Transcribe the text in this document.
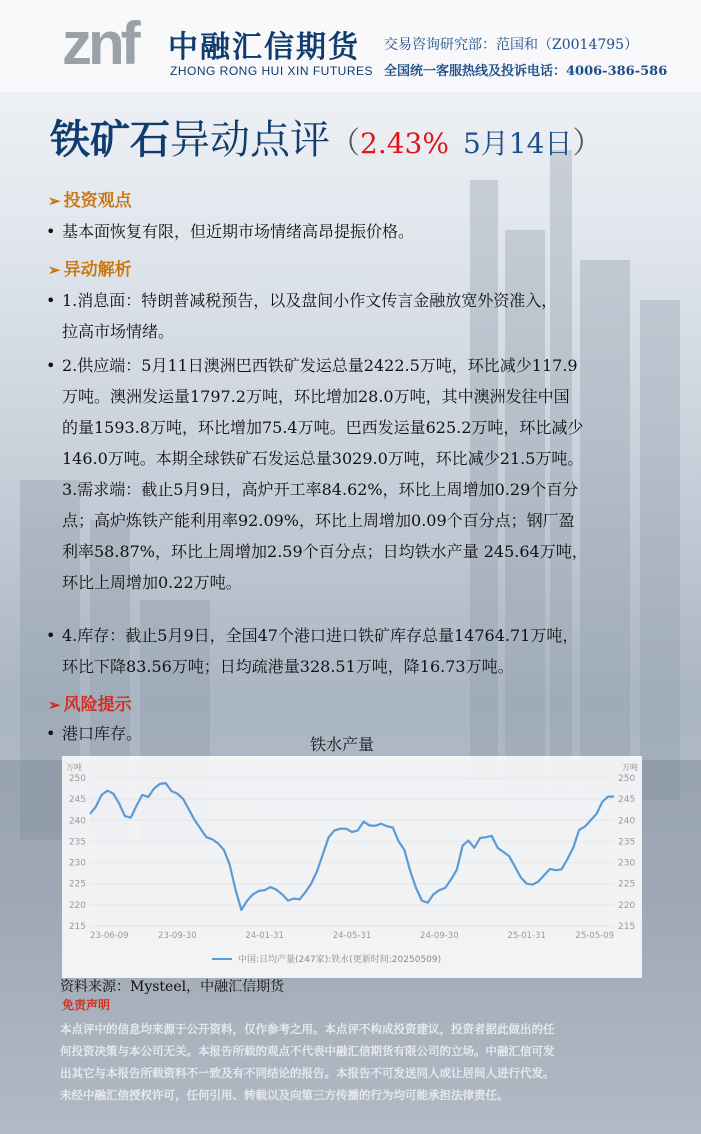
znf 中融汇信期货
ZHONG RONG HUI XIN FUTURES
交易咨询研究部：范国和（Z0014795）
全国统一客服热线及投诉电话：4006-386-586
铁矿石异动点评（2.43% 5月14日）
➢ 投资观点
• 基本面恢复有限，但近期市场情绪高昂提振价格。
➢ 异动解析
• 1.消息面：特朗普减税预告，以及盘间小作文传言金融放宽外资准入，
拉高市场情绪。
• 2.供应端：5月11日澳洲巴西铁矿发运总量2422.5万吨，环比减少117.9
万吨。澳洲发运量1797.2万吨，环比增加28.0万吨，其中澳洲发往中国
的量1593.8万吨，环比增加75.4万吨。巴西发运量625.2万吨，环比减少
146.0万吨。本期全球铁矿石发运总量3029.0万吨，环比减少21.5万吨。
3.需求端：截止5月9日，高炉开工率84.62%，环比上周增加0.29个百分
点；高炉炼铁产能利用率92.09%，环比上周增加0.09个百分点；钢厂盈
利率58.87%，环比上周增加2.59个百分点；日均铁水产量 245.64万吨，
环比上周增加0.22万吨。
• 4.库存：截止5月9日，全国47个港口进口铁矿库存总量14764.71万吨，
环比下降83.56万吨；日均疏港量328.51万吨，降16.73万吨。
➢ 风险提示
• 港口库存。
铁水产量
万吨	万吨
215	215
220	220
225	225
230	230
235	235
240	240
245	245
250	250
23-06-09	23-09-30	24-01-31	24-05-31	24-09-30	25-01-31	25-05-09
中国:日均产量(247家):铁水(更新时间:20250509)
资料来源：Mysteel，中融汇信期货
免责声明
本点评中的信息均来源于公开资料，仅作参考之用。本点评不构成投资建议，投资者据此做出的任
何投资决策与本公司无关。本报告所载的观点不代表中融汇信期货有限公司的立场。中融汇信可发
出其它与本报告所载资料不一致及有不同结论的报告。本报告不可发送同人或让居间人进行代发。
未经中融汇信授权许可，任何引用、转载以及向第三方传播的行为均可能承担法律责任。
